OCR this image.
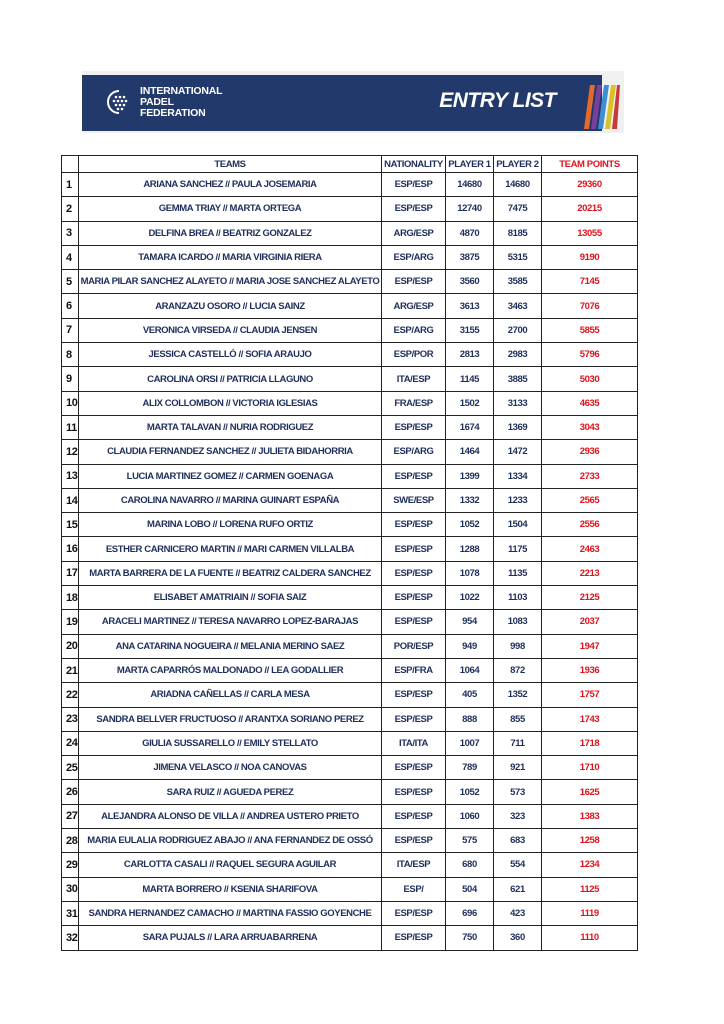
INTERNATIONAL
PADEL
FEDERATION
ENTRY LIST
	TEAMS	NATIONALITY	PLAYER 1	PLAYER 2	TEAM POINTS
1	ARIANA SANCHEZ // PAULA JOSEMARIA	ESP/ESP	14680	14680	29360
2	GEMMA TRIAY // MARTA ORTEGA	ESP/ESP	12740	7475	20215
3	DELFINA BREA // BEATRIZ GONZALEZ	ARG/ESP	4870	8185	13055
4	TAMARA ICARDO // MARIA VIRGINIA RIERA	ESP/ARG	3875	5315	9190
5	MARIA PILAR SANCHEZ ALAYETO // MARIA JOSE SANCHEZ ALAYETO	ESP/ESP	3560	3585	7145
6	ARANZAZU OSORO // LUCIA SAINZ	ARG/ESP	3613	3463	7076
7	VERONICA VIRSEDA // CLAUDIA JENSEN	ESP/ARG	3155	2700	5855
8	JESSICA CASTELLÓ // SOFIA ARAUJO	ESP/POR	2813	2983	5796
9	CAROLINA ORSI // PATRICIA LLAGUNO	ITA/ESP	1145	3885	5030
10	ALIX COLLOMBON // VICTORIA IGLESIAS	FRA/ESP	1502	3133	4635
11	MARTA TALAVAN // NURIA RODRIGUEZ	ESP/ESP	1674	1369	3043
12	CLAUDIA FERNANDEZ SANCHEZ // JULIETA BIDAHORRIA	ESP/ARG	1464	1472	2936
13	LUCIA MARTINEZ GOMEZ // CARMEN GOENAGA	ESP/ESP	1399	1334	2733
14	CAROLINA NAVARRO // MARINA GUINART ESPAÑA	SWE/ESP	1332	1233	2565
15	MARINA LOBO // LORENA RUFO ORTIZ	ESP/ESP	1052	1504	2556
16	ESTHER CARNICERO MARTIN // MARI CARMEN VILLALBA	ESP/ESP	1288	1175	2463
17	MARTA BARRERA DE LA FUENTE // BEATRIZ CALDERA SANCHEZ	ESP/ESP	1078	1135	2213
18	ELISABET AMATRIAIN // SOFIA SAIZ	ESP/ESP	1022	1103	2125
19	ARACELI MARTINEZ // TERESA NAVARRO LOPEZ-BARAJAS	ESP/ESP	954	1083	2037
20	ANA CATARINA NOGUEIRA // MELANIA MERINO SAEZ	POR/ESP	949	998	1947
21	MARTA CAPARRÓS MALDONADO // LEA GODALLIER	ESP/FRA	1064	872	1936
22	ARIADNA CAÑELLAS // CARLA MESA	ESP/ESP	405	1352	1757
23	SANDRA BELLVER FRUCTUOSO // ARANTXA SORIANO PEREZ	ESP/ESP	888	855	1743
24	GIULIA SUSSARELLO // EMILY STELLATO	ITA/ITA	1007	711	1718
25	JIMENA VELASCO // NOA CANOVAS	ESP/ESP	789	921	1710
26	SARA RUIZ // AGUEDA PEREZ	ESP/ESP	1052	573	1625
27	ALEJANDRA ALONSO DE VILLA // ANDREA USTERO PRIETO	ESP/ESP	1060	323	1383
28	MARIA EULALIA RODRIGUEZ ABAJO // ANA FERNANDEZ DE OSSÓ	ESP/ESP	575	683	1258
29	CARLOTTA CASALI // RAQUEL SEGURA AGUILAR	ITA/ESP	680	554	1234
30	MARTA BORRERO // KSENIA SHARIFOVA	ESP/	504	621	1125
31	SANDRA HERNANDEZ CAMACHO // MARTINA FASSIO GOYENCHE	ESP/ESP	696	423	1119
32	SARA PUJALS // LARA ARRUABARRENA	ESP/ESP	750	360	1110
